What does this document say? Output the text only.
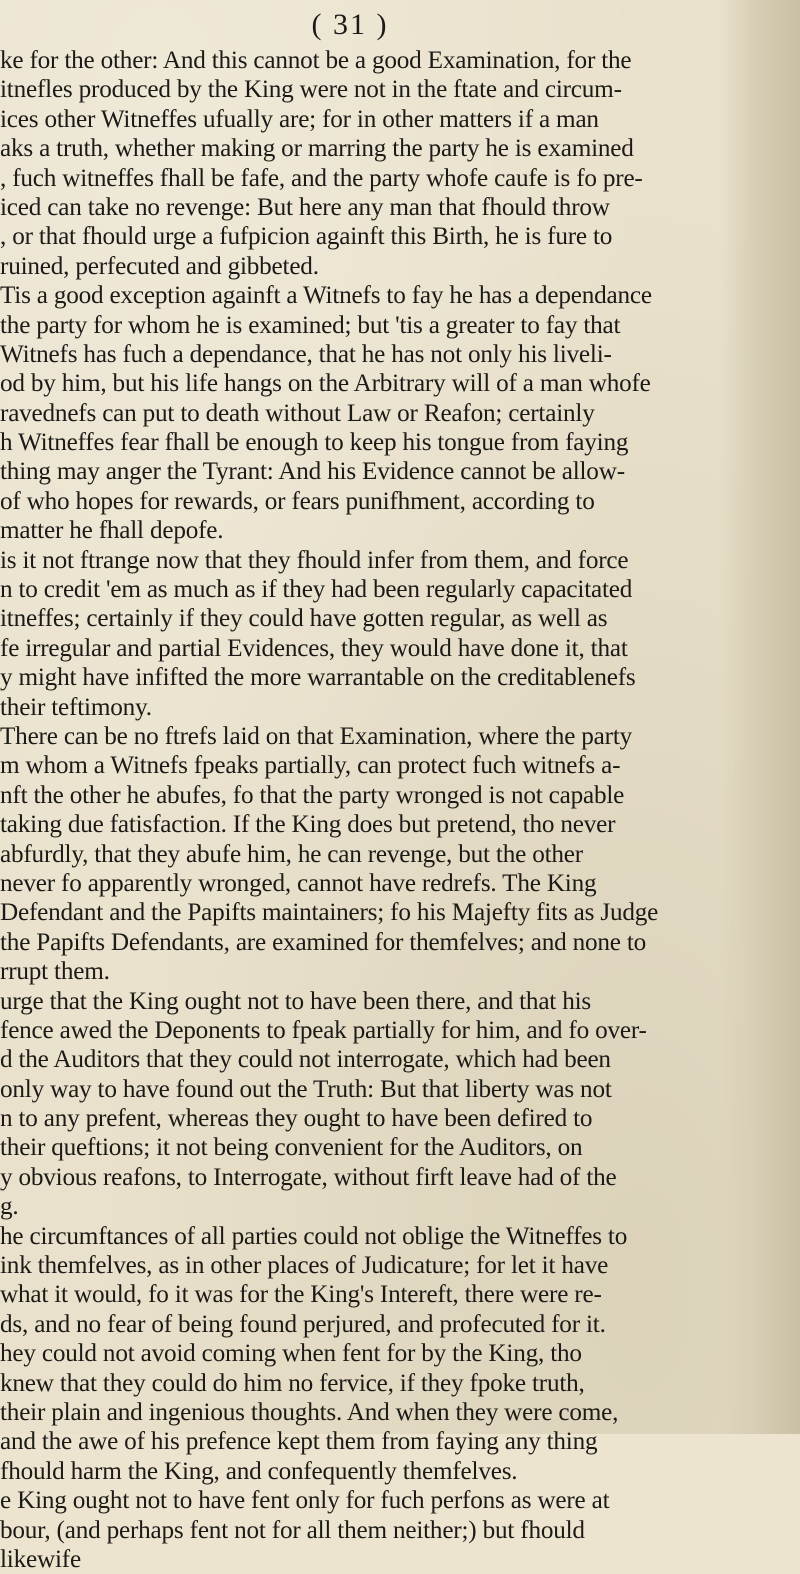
( 31 )
ke for the other: And this cannot be a good Examination, for the
itnefles produced by the King were not in the ftate and circum-
ices other Witneffes ufually are; for in other matters if a man
aks a truth, whether making or marring the party he is examined
, fuch witneffes fhall be fafe, and the party whofe caufe is fo pre-
iced can take no revenge: But here any man that fhould throw
, or that fhould urge a fufpicion againft this Birth, he is fure to
ruined, perfecuted and gibbeted.
Tis a good exception againft a Witnefs to fay he has a dependance
the party for whom he is examined; but 'tis a greater to fay that
Witnefs has fuch a dependance, that he has not only his liveli-
od by him, but his life hangs on the Arbitrary will of a man whofe
ravednefs can put to death without Law or Reafon; certainly
h Witneffes fear fhall be enough to keep his tongue from faying
thing may anger the Tyrant: And his Evidence cannot be allow-
of who hopes for rewards, or fears punifhment, according to
matter he fhall depofe.
is it not ftrange now that they fhould infer from them, and force
n to credit 'em as much as if they had been regularly capacitated
itneffes; certainly if they could have gotten regular, as well as
fe irregular and partial Evidences, they would have done it, that
y might have infifted the more warrantable on the creditablenefs
their teftimony.
There can be no ftrefs laid on that Examination, where the party
m whom a Witnefs fpeaks partially, can protect fuch witnefs a-
nft the other he abufes, fo that the party wronged is not capable
taking due fatisfaction. If the King does but pretend, tho never
abfurdly, that they abufe him, he can revenge, but the other
never fo apparently wronged, cannot have redrefs. The King
Defendant and the Papifts maintainers; fo his Majefty fits as Judge
the Papifts Defendants, are examined for themfelves; and none to
rrupt them.
urge that the King ought not to have been there, and that his
fence awed the Deponents to fpeak partially for him, and fo over-
d the Auditors that they could not interrogate, which had been
only way to have found out the Truth: But that liberty was not
n to any prefent, whereas they ought to have been defired to
their queftions; it not being convenient for the Auditors, on
y obvious reafons, to Interrogate, without firft leave had of the
g.
he circumftances of all parties could not oblige the Witneffes to
ink themfelves, as in other places of Judicature; for let it have
what it would, fo it was for the King's Intereft, there were re-
ds, and no fear of being found perjured, and profecuted for it.
hey could not avoid coming when fent for by the King, tho
knew that they could do him no fervice, if they fpoke truth,
their plain and ingenious thoughts. And when they were come,
and the awe of his prefence kept them from faying any thing
fhould harm the King, and confequently themfelves.
e King ought not to have fent only for fuch perfons as were at
bour, (and perhaps fent not for all them neither;) but fhould
likewife
